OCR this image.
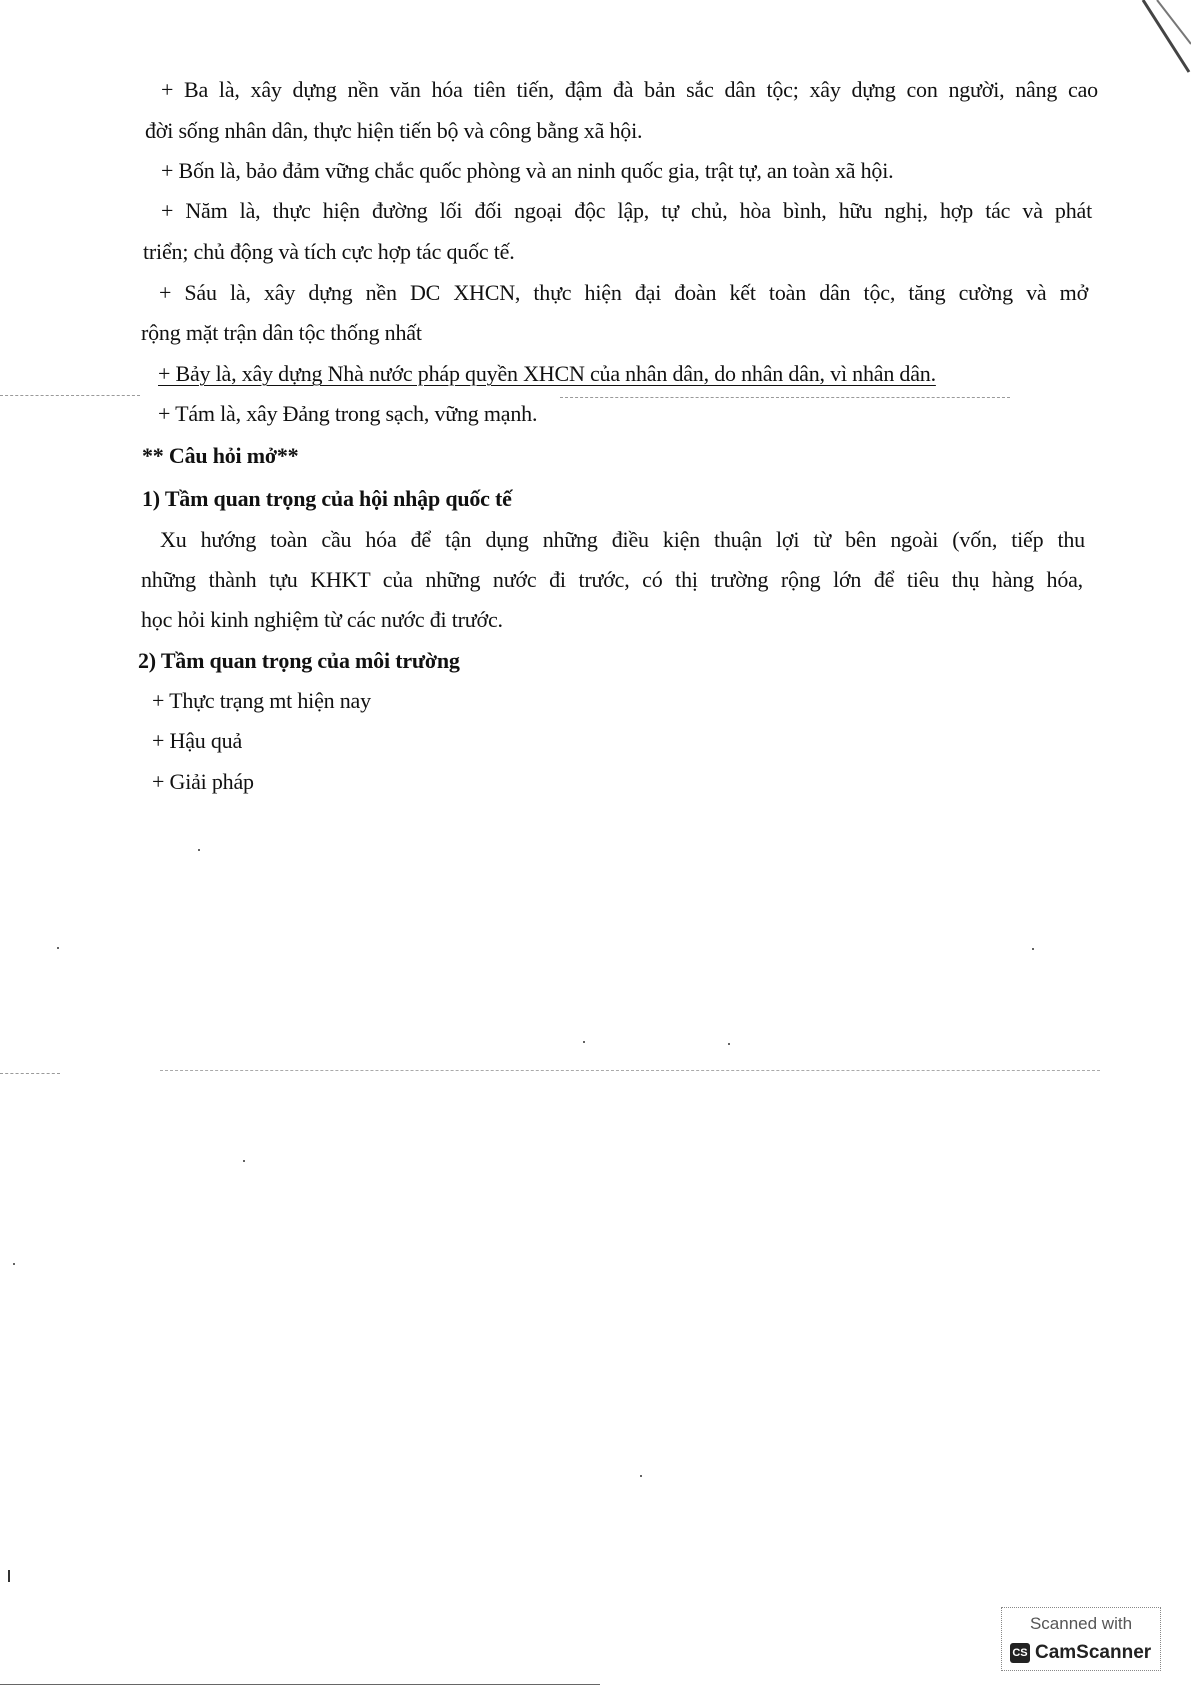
+ Ba là, xây dựng nền văn hóa tiên tiến, đậm đà bản sắc dân tộc; xây dựng con người, nâng cao
đời sống nhân dân, thực hiện tiến bộ và công bằng xã hội.
+ Bốn là, bảo đảm vững chắc quốc phòng và an ninh quốc gia, trật tự, an toàn xã hội.
+ Năm là, thực hiện đường lối đối ngoại độc lập, tự chủ, hòa bình, hữu nghị, hợp tác và phát
triển; chủ động và tích cực hợp tác quốc tế.
+ Sáu là, xây dựng nền DC XHCN, thực hiện đại đoàn kết toàn dân tộc, tăng cường và mở
rộng mặt trận dân tộc thống nhất
+ Bảy là, xây dựng Nhà nước pháp quyền XHCN của nhân dân, do nhân dân, vì nhân dân.
+ Tám là, xây Đảng trong sạch, vững mạnh.
** Câu hỏi mở**
1) Tầm quan trọng của hội nhập quốc tế
Xu hướng toàn cầu hóa để tận dụng những điều kiện thuận lợi từ bên ngoài (vốn, tiếp thu
những thành tựu KHKT của những nước đi trước, có thị trường rộng lớn để tiêu thụ hàng hóa,
học hỏi kinh nghiệm từ các nước đi trước.
2) Tầm quan trọng của môi trường
+ Thực trạng mt hiện nay
+ Hậu quả
+ Giải pháp
Scanned with
CS CamScanner
